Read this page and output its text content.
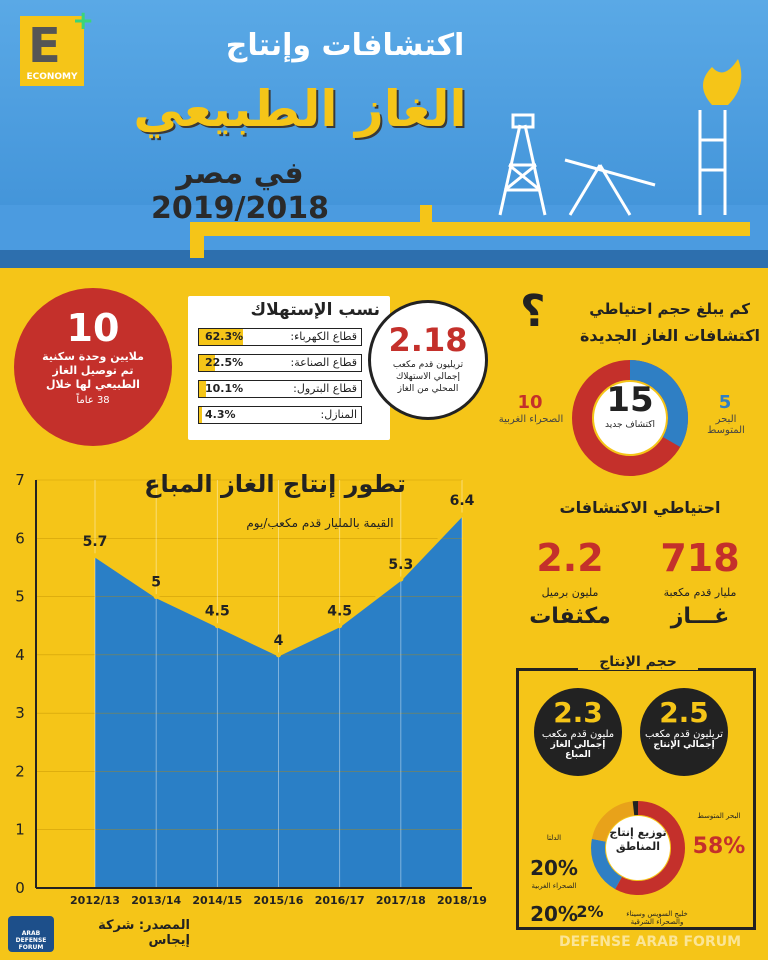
E +
ECONOMY
اكتشافات وإنتاج
الغاز الطبيعي
في مصر 2019/2018
10
ملايين وحدة سكنية تم توصيل الغاز الطبيعي لها خلال
38 عاماً
نسب الإستهلاك
قطاع الكهرباء:
62.3%
قطاع الصناعة:
22.5%
قطاع البترول:
10.1%
المنازل:
4.3%
2.18
تريليون قدم مكعب إجمالي الاستهلاك المحلي من الغاز
كم يبلغ حجم احتياطي
اكتشافات الغاز الجديدة
؟
15
اكتشاف جديد
10
الصحراء الغربية
5
البحر المتوسط
احتياطي الاكتشافات
718
مليار قدم مكعبة
غـــاز
2.2
مليون برميل
مكثفات
حجم الإنتاج
2.5
تريليون قدم مكعب
إجمالي الإنتاج
2.3
مليون قدم مكعب
إجمالي الغاز المباع
توزيع إنتاج المناطق
البحر المتوسط
58%
الدلتا
20%
الصحراء الغربية
20%	خليج السويس وسيناء والصحراء الشرقية
2%
0
1
2
3
4
5
6
7
5.7
2012/13
5
2013/14
4.5
2014/15
4
2015/16
4.5
2016/17
5.3
2017/18
6.4
2018/19
تطور إنتاج الغاز المباع
القيمة بالمليار قدم مكعب/يوم
المصدر: شركة إيجاس
ARAB DEFENSE FORUM	DEFENSE ARAB FORUM
